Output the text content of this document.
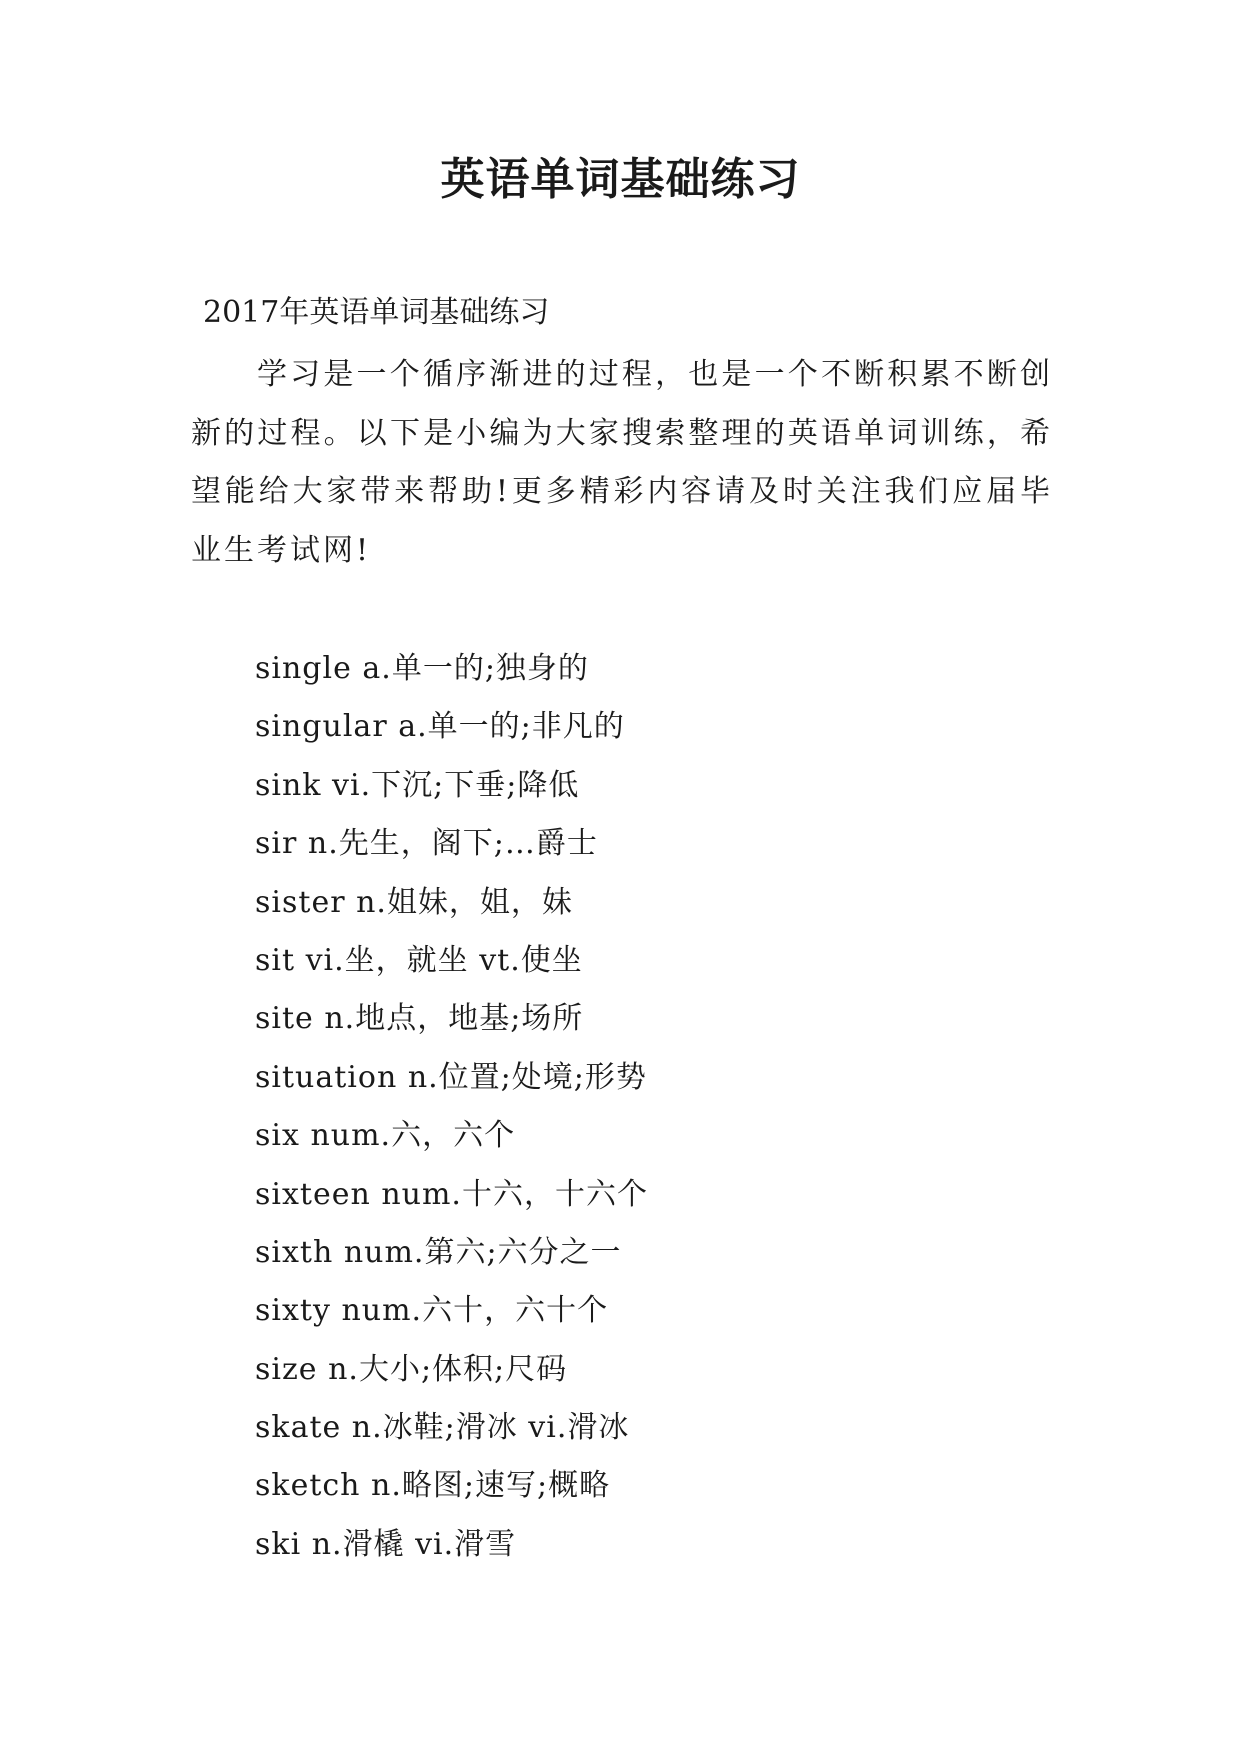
英语单词基础练习
2017年英语单词基础练习

学习是一个循序渐进的过程，也是一个不断积累不断创新的过程。以下是小编为大家搜索整理的英语单词训练，希望能给大家带来帮助!更多精彩内容请及时关注我们应届毕业生考试网!

single a.单一的;独身的
singular a.单一的;非凡的
sink vi.下沉;下垂;降低
sir n.先生，阁下;…爵士
sister n.姐妹，姐，妹
sit vi.坐，就坐 vt.使坐
site n.地点，地基;场所
situation n.位置;处境;形势
six num.六，六个
sixteen num.十六，十六个
sixth num.第六;六分之一
sixty num.六十，六十个
size n.大小;体积;尺码
skate n.冰鞋;滑冰 vi.滑冰
sketch n.略图;速写;概略
ski n.滑橇 vi.滑雪
